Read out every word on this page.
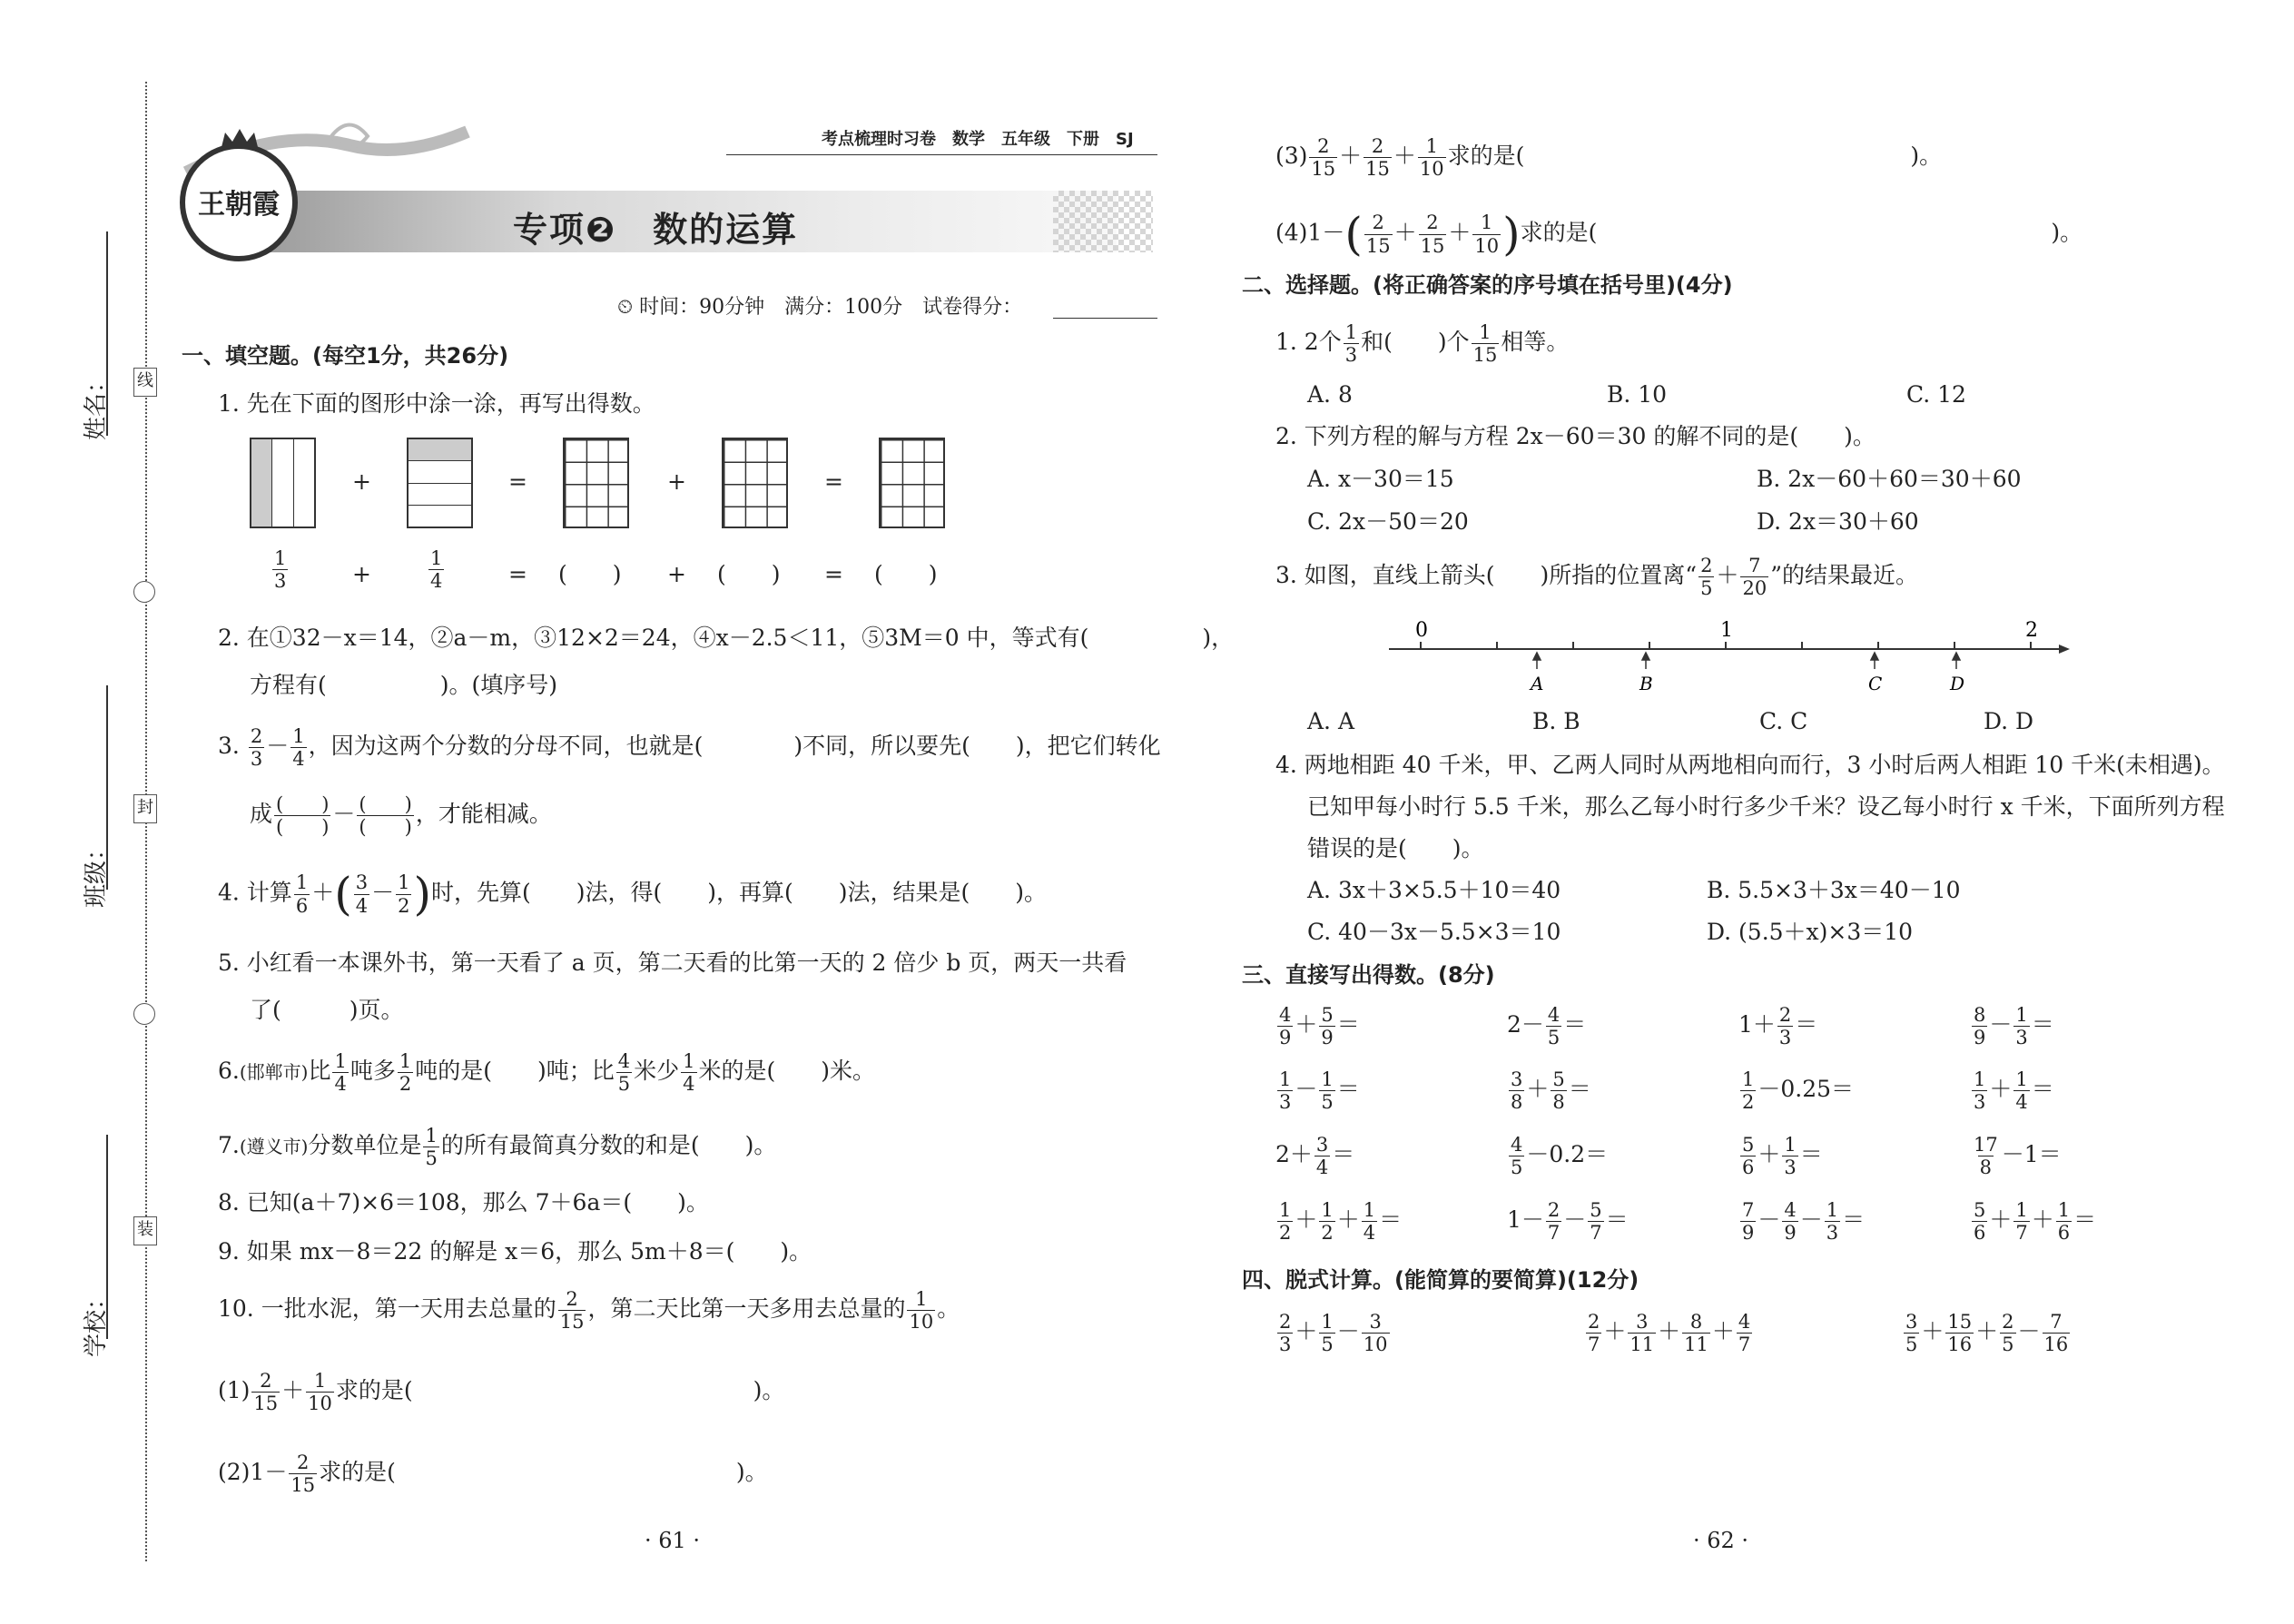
姓名：
班级：
学校：
线
封
装
王朝霞
专项❷　数的运算
考点梳理时习卷　 数学　 五年级　 下册　 SJ
⏲ 时间：90分钟　满分：100分　试卷得分：
一、填空题。(每空1分，共26分)
1. 先在下面的图形中涂一涂，再写出得数。
+	=	+	=
$\frac{1}{3}$	+	$\frac{1}{4}$	= (　　) + (　　) = (　　)
2. 在①32－x＝14，②a－m，③12×2＝24，④x－2.5＜11，⑤3M＝0 中，等式有(　　　　　)，
方程有(　　　　　)。(填序号)
3. $\frac{2}{3} - \frac{1}{4}$ ，因为这两个分数的分母不同，也就是(　　　　)不同，所以要先(　　)，把它们转化
成 $\frac{( )}{( )} - \frac{( )}{( )}$ ，才能相减。
4. 计算 $\frac{1}{6}$ ＋( $\frac{3}{4} - \frac{1}{2}$ )时，先算(　　)法，得(　　)，再算(　　)法，结果是(　　)。
5. 小红看一本课外书，第一天看了 a 页，第二天看的比第一天的 2 倍少 b 页，两天一共看
了(　　　)页。
6.(邯郸市)比 $\frac{1}{4}$ 吨多 $\frac{1}{2}$ 吨的是(　　)吨；比 $\frac{4}{5}$ 米少 $\frac{1}{4}$ 米的是(　　)米。
7.(遵义市)分数单位是 $\frac{1}{5}$ 的所有最简真分数的和是(　　)。
8. 已知(a＋7)×6＝108，那么 7＋6a＝(　　)。
9. 如果 mx－8＝22 的解是 x＝6，那么 5m＋8＝(　　)。
10. 一批水泥，第一天用去总量的 $\frac{2}{15}$ ，第二天比第一天多用去总量的 $\frac{1}{10}$ 。
$(1) \frac{2}{15} + \frac{1}{10}$ 求的是(　　　　　　　　　　　　　　　)。
$(2)1- \frac{2}{15}$ 求的是(　　　　　　　　　　　　　　　)。
· 61 ·
$(3) \frac{2}{15} + \frac{2}{15} + \frac{1}{10}$ 求的是(　　　　　　　　　　　　　　　　　)。
$(4)1-( \frac{2}{15} + \frac{2}{15} + \frac{1}{10}$ )求的是(　　　　　　　　　　　　　　　　　　　　)。
二、选择题。(将正确答案的序号填在括号里)(4分)
1. 2个 $\frac{1}{3}$ 和(　　)个 $\frac{1}{15}$ 相等。
A. 8	B. 10	C. 12
2. 下列方程的解与方程 2x－60＝30 的解不同的是(　　)。
A. x－30＝15	B. 2x－60＋60＝30＋60
C. 2x－50＝20	D. 2x＝30＋60
3. 如图，直线上箭头(　　)所指的位置离“ $\frac{2}{5} + \frac{7}{20}$ ”的结果最近。
0	1	2
A	B	C	D
A. A	B. B	C. C	D. D
4. 两地相距 40 千米，甲、乙两人同时从两地相向而行，3 小时后两人相距 10 千米(未相遇)。
已知甲每小时行 5.5 千米，那么乙每小时行多少千米？设乙每小时行 x 千米，下面所列方程
错误的是(　　)。
A. 3x＋3×5.5＋10＝40	B. 5.5×3＋3x＝40－10
C. 40－3x－5.5×3＝10	D. (5.5＋x)×3＝10
三、直接写出得数。(8分)
$\frac{4}{9} + \frac{5}{9}$ ＝	$2- \frac{4}{5}$ ＝	$1+ \frac{2}{3}$ ＝	$\frac{8}{9} - \frac{1}{3}$ ＝
$\frac{1}{3} - \frac{1}{5}$ ＝	$\frac{3}{8} + \frac{5}{8}$ ＝	$\frac{1}{2} -0.25=$	$\frac{1}{3} + \frac{1}{4}$ ＝
$2+ \frac{3}{4}$ ＝	$\frac{4}{5} -0.2=$	$\frac{5}{6} + \frac{1}{3}$ ＝	$\frac{17}{8} -1=$
$\frac{1}{2} + \frac{1}{2} + \frac{1}{4}$ ＝	$1- \frac{2}{7} - \frac{5}{7}$ ＝	$\frac{7}{9} - \frac{4}{9} - \frac{1}{3}$ ＝	$\frac{5}{6} + \frac{1}{7} + \frac{1}{6}$ ＝
四、脱式计算。(能简算的要简算)(12分)
$\frac{2}{3} + \frac{1}{5} - \frac{3}{10}$	$\frac{2}{7} + \frac{3}{11} + \frac{8}{11} + \frac{4}{7}$	$\frac{3}{5} + \frac{15}{16} + \frac{2}{5} - \frac{7}{16}$
· 62 ·
